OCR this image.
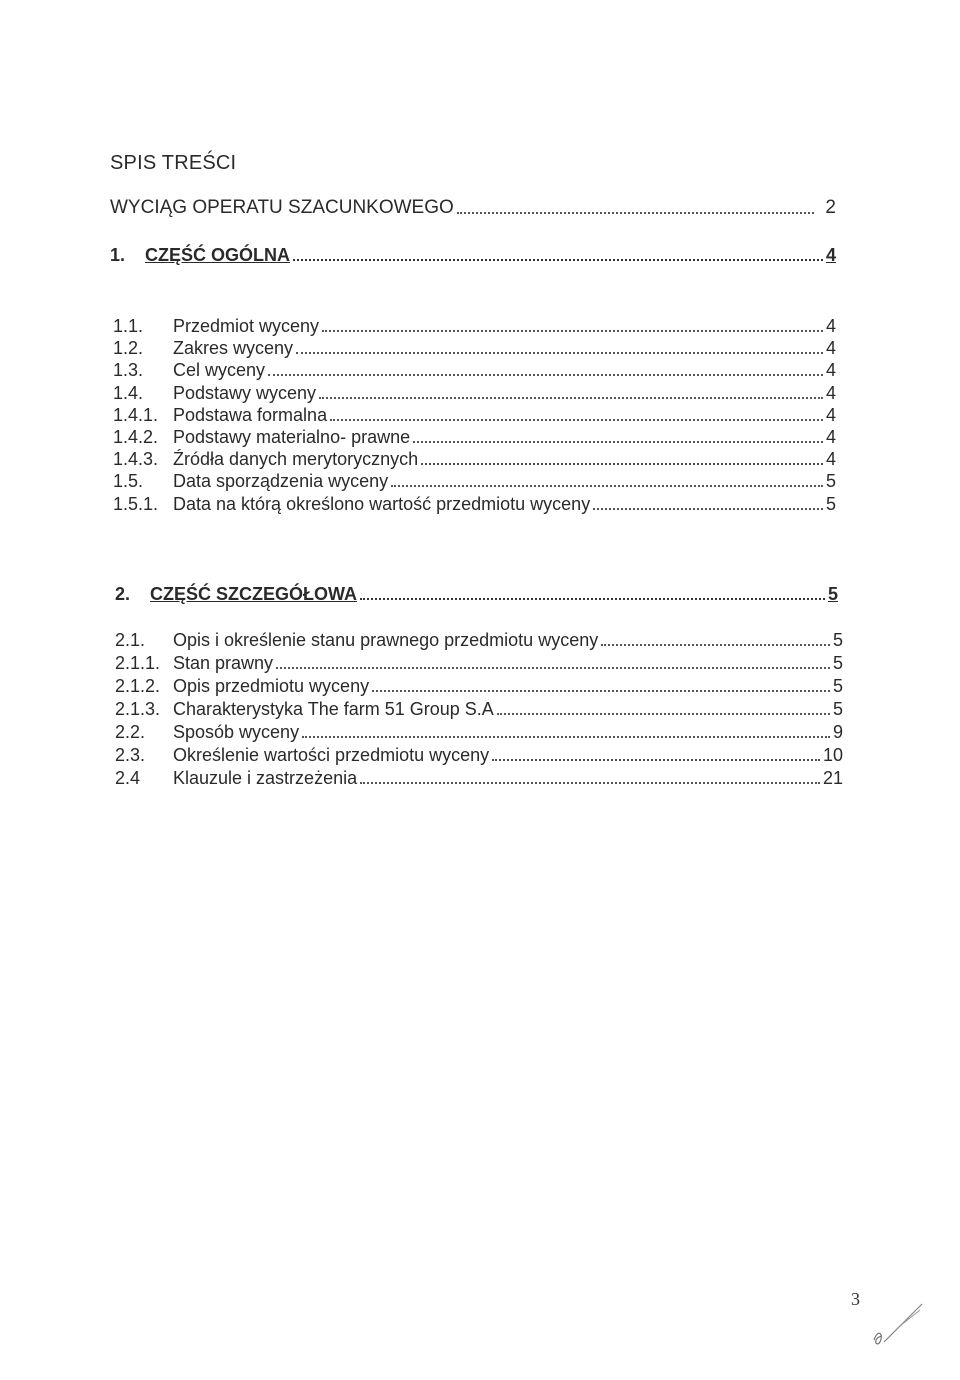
SPIS TREŚCI
WYCIĄG OPERATU SZACUNKOWEGO	2
1.	CZĘŚĆ OGÓLNA	4
1.1.	Przedmiot wyceny	4
1.2.	Zakres wyceny	4
1.3.	Cel wyceny	4
1.4.	Podstawy wyceny	4
1.4.1. Podstawa formalna	4
1.4.2. Podstawy materialno- prawne	4
1.4.3. Źródła danych merytorycznych	4
1.5.	Data sporządzenia wyceny	5
1.5.1. Data na którą określono wartość przedmiotu wyceny	5
2.	CZĘŚĆ SZCZEGÓŁOWA	5
2.1.	Opis i określenie stanu prawnego przedmiotu wyceny	5
2.1.1. Stan prawny	5
2.1.2. Opis przedmiotu wyceny	5
2.1.3. Charakterystyka The farm 51 Group S.A	5
2.2.	Sposób wyceny	9
2.3.	Określenie wartości przedmiotu wyceny	10
2.4	Klauzule i zastrzeżenia	21
3
